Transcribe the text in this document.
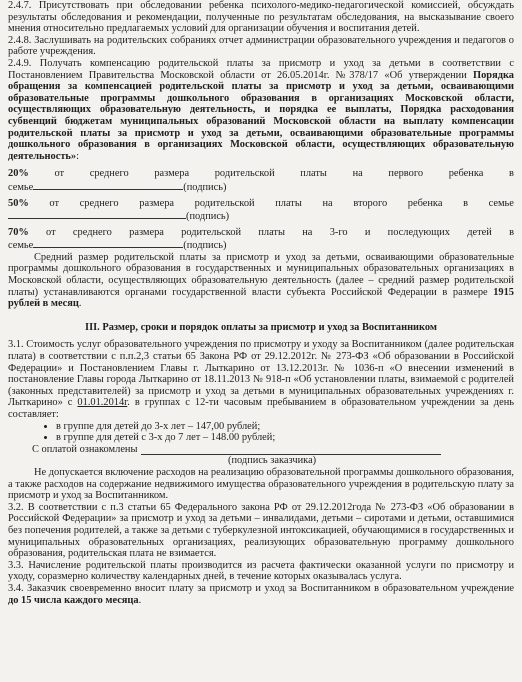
2.4.7. Присутствовать при обследовании ребенка психолого-медико-педагогической комиссией, обсуждать результаты обследования и рекомендации, полученные по результатам обследования, на высказывание своего мнения относительно предлагаемых условий для организации обучения и воспитания детей.

2.4.8. Заслушивать на родительских собраниях отчет администрации образовательного учреждения и педагогов о работе учреждения.

2.4.9. Получать компенсацию родительской платы за присмотр и уход за детьми в соответствии с Постановлением Правительства Московской области от 26.05.2014г. №378/17 «Об утверждении Порядка обращения за компенсацией родительской платы за присмотр и уход за детьми, осваивающими образовательные программы дошкольного образования в организациях Московской области, осуществляющих образовательную деятельность, и порядка ее выплаты, Порядка расходования субвенций бюджетам муниципальных образований Московской области на выплату компенсации родительской платы за присмотр и уход за детьми, осваивающими образовательные программы дошкольного образования в организациях Московской области, осуществляющих образовательную деятельность»:

20% от среднего размера родительской платы на первого ребенка в
семье	(подпись)
50% от среднего размера родительской платы на второго ребенка в семье
(подпись)
70% от среднего размера родительской платы на 3-го и последующих детей в
семье	(подпись)

Средний размер родительской платы за присмотр и уход за детьми, осваивающими образовательные программы дошкольного образования в государственных и муниципальных образовательных организациях в Московской области, осуществляющих образовательную деятельность (далее – средний размер родительской платы) устанавливаются органами государственной власти субъекта Российской Федерации в размере 1915 рублей в месяц.

III. Размер, сроки и порядок оплаты за присмотр и уход за Воспитанником

3.1. Стоимость услуг образовательного учреждения по присмотру и уходу за Воспитанником (далее родительская плата) в соответствии с п.п.2,3 статьи 65 Закона РФ от 29.12.2012г. № 273-ФЗ «Об образовании в Российской Федерации» и Постановлением Главы г. Лыткарино от 13.12.2013г. № 1036-п «О внесении изменений в постановление Главы города Лыткарино от 18.11.2013 № 918-п «Об установлении платы, взимаемой с родителей (законных представителей) за присмотр и уход за детьми в муниципальных образовательных учреждениях г. Лыткарино» с 01.01.2014г. в группах с 12-ти часовым пребыванием в образовательном учреждении за день составляет:

• в группе для детей до 3-х лет – 147,00 рублей;
• в группе для детей с 3-х до 7 лет – 148.00 рублей;
С оплатой ознакомлены
(подпись заказчика)

Не допускается включение расходов на реализацию образовательной программы дошкольного образования, а также расходов на содержание недвижимого имущества образовательного учреждения в родительскую плату за присмотр и уход за Воспитанником.

3.2. В соответствии с п.3 статьи 65 Федерального закона РФ от 29.12.2012года № 273-ФЗ «Об образовании в Российской Федерации» за присмотр и уход за детьми – инвалидами, детьми – сиротами и детьми, оставшимися без попечения родителей, а также за детьми с туберкулезной интоксикацией, обучающимися в государственных и муниципальных образовательных организациях, реализующих образовательную программу дошкольного образования, родительская плата не взимается.

3.3. Начисление родительской платы производится из расчета фактически оказанной услуги по присмотру и уходу, соразмерно количеству календарных дней, в течение которых оказывалась услуга.

3.4. Заказчик своевременно вносит плату за присмотр и уход за Воспитанником в образовательном учреждение до 15 числа каждого месяца.
